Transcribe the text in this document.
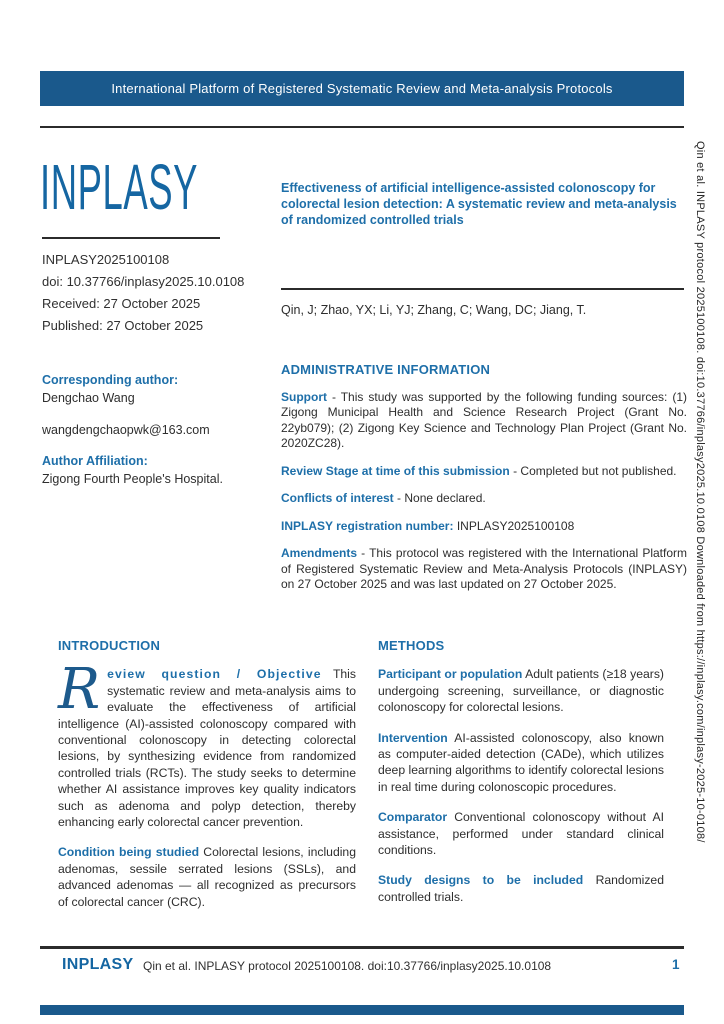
International Platform of Registered Systematic Review and Meta-analysis Protocols
INPLASY
INPLASY2025100108
doi: 10.37766/inplasy2025.10.0108
Received: 27 October 2025
Published: 27 October 2025
Effectiveness of artificial intelligence-assisted colonoscopy for colorectal lesion detection: A systematic review and meta-analysis of randomized controlled trials
Qin, J; Zhao, YX; Li, YJ; Zhang, C; Wang, DC; Jiang, T.
Corresponding author:
Dengchao Wang
wangdengchaopwk@163.com
Author Affiliation:
Zigong Fourth People's Hospital.
ADMINISTRATIVE INFORMATION

Support - This study was supported by the following funding sources: (1) Zigong Municipal Health and Science Research Project (Grant No. 22yb079); (2) Zigong Key Science and Technology Plan Project (Grant No. 2020ZC28).

Review Stage at time of this submission - Completed but not published.

Conflicts of interest - None declared.

INPLASY registration number: INPLASY2025100108

Amendments - This protocol was registered with the International Platform of Registered Systematic Review and Meta-Analysis Protocols (INPLASY) on 27 October 2025 and was last updated on 27 October 2025.

INTRODUCTION

Review question / Objective This systematic review and meta-analysis aims to evaluate the effectiveness of artificial intelligence (AI)-assisted colonoscopy compared with conventional colonoscopy in detecting colorectal lesions, by synthesizing evidence from randomized controlled trials (RCTs). The study seeks to determine whether AI assistance improves key quality indicators such as adenoma and polyp detection, thereby enhancing early colorectal cancer prevention.

Condition being studied Colorectal lesions, including adenomas, sessile serrated lesions (SSLs), and advanced adenomas — all recognized as precursors of colorectal cancer (CRC).

METHODS

Participant or population Adult patients (≥18 years) undergoing screening, surveillance, or diagnostic colonoscopy for colorectal lesions.

Intervention AI-assisted colonoscopy, also known as computer-aided detection (CADe), which utilizes deep learning algorithms to identify colorectal lesions in real time during colonoscopic procedures.

Comparator Conventional colonoscopy without AI assistance, performed under standard clinical conditions.

Study designs to be included Randomized controlled trials.

INPLASY Qin et al. INPLASY protocol 2025100108. doi:10.37766/inplasy2025.10.0108	1
Qin et al. INPLASY protocol 2025100108. doi:10.37766/inplasy2025.10.0108 Downloaded from https://inplasy.com/inplasy-2025-10-0108/
